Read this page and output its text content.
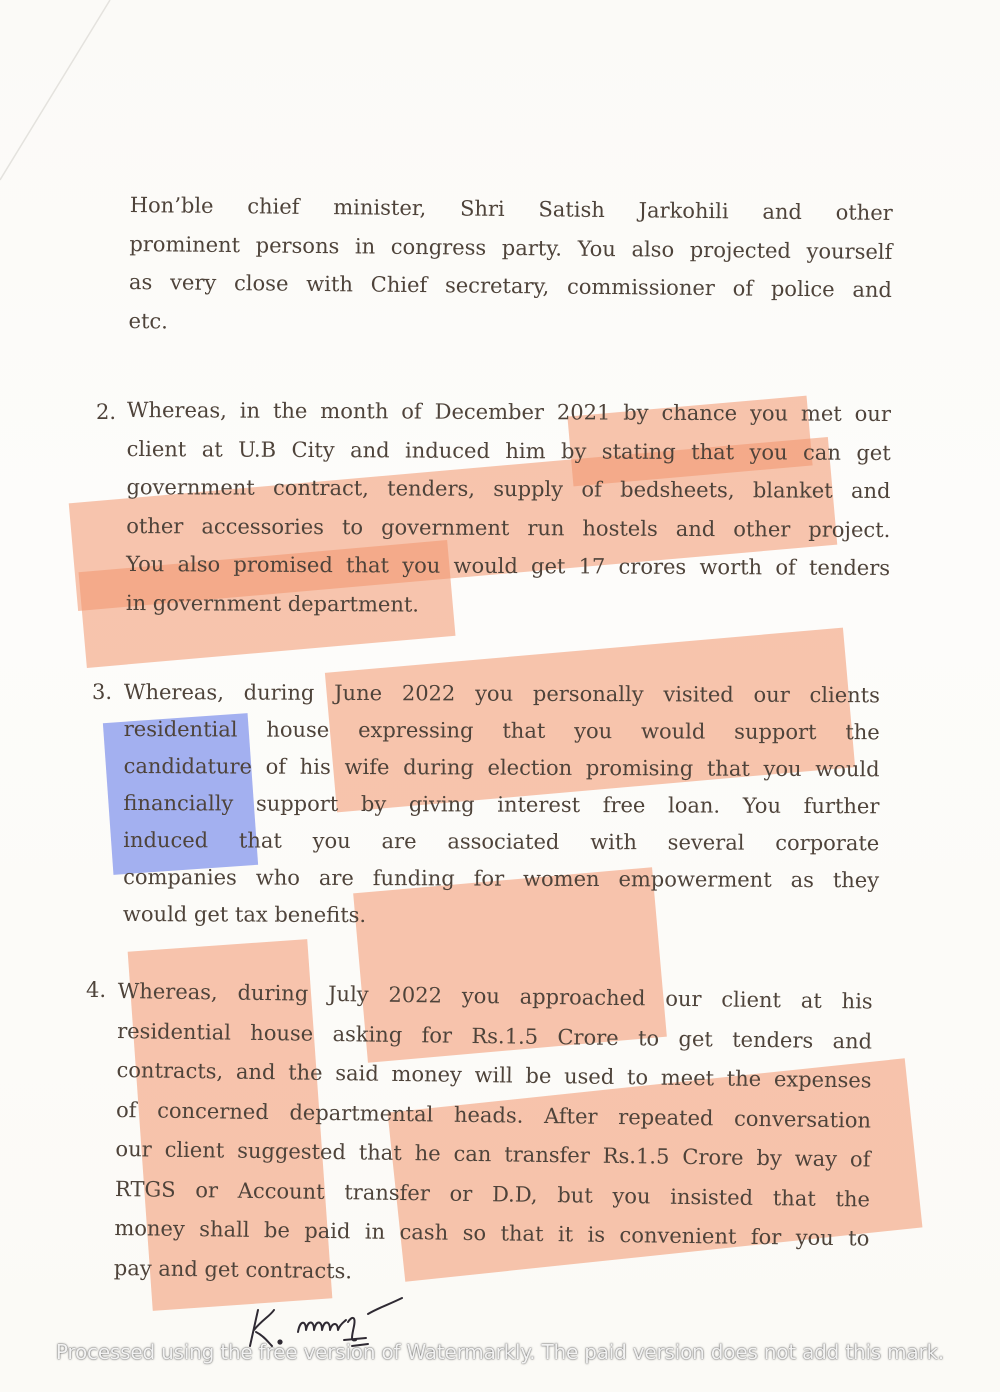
Hon’ble chief minister, Shri Satish Jarkohili and other
prominent persons in congress party. You also projected yourself
as very close with Chief secretary, commissioner of police and
etc.
2. Whereas, in the month of December 2021 by chance you met our
client at U.B City and induced him by stating that you can get
government contract, tenders, supply of bedsheets, blanket and
other accessories to government run hostels and other project.
You also promised that you would get 17 crores worth of tenders
in government department.
3. Whereas, during June 2022 you personally visited our clients
residential house expressing that you would support the
candidature of his wife during election promising that you would
financially support by giving interest free loan. You further
induced that you are associated with several corporate
companies who are funding for women empowerment as they
would get tax benefits.
4. Whereas, during July 2022 you approached our client at his
residential house asking for Rs.1.5 Crore to get tenders and
contracts, and the said money will be used to meet the expenses
of concerned departmental heads. After repeated conversation
our client suggested that he can transfer Rs.1.5 Crore by way of
RTGS or Account transfer or D.D, but you insisted that the
money shall be paid in cash so that it is convenient for you to
pay and get contracts.
Processed using the free version of Watermarkly. The paid version does not add this mark.
